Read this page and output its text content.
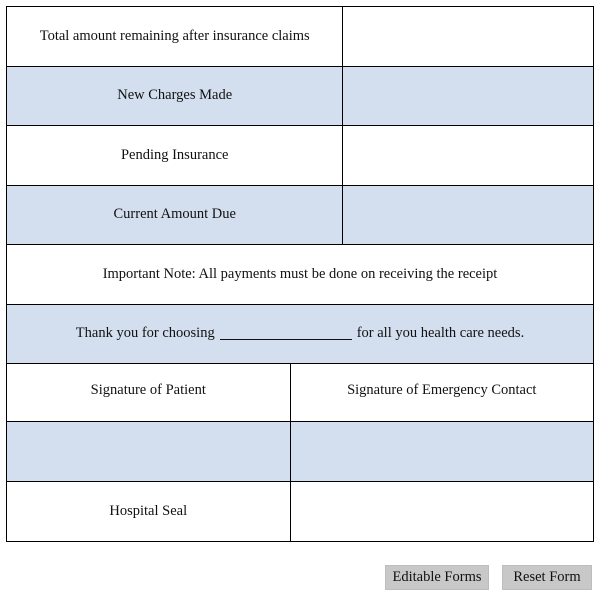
Total amount remaining after insurance claims
New Charges Made
Pending Insurance
Current Amount Due
Important Note: All payments must be done on receiving the receipt
Thank you for choosing	for all you health care needs.
Signature of Patient	Signature of Emergency Contact
Hospital Seal
Editable Forms	Reset Form
